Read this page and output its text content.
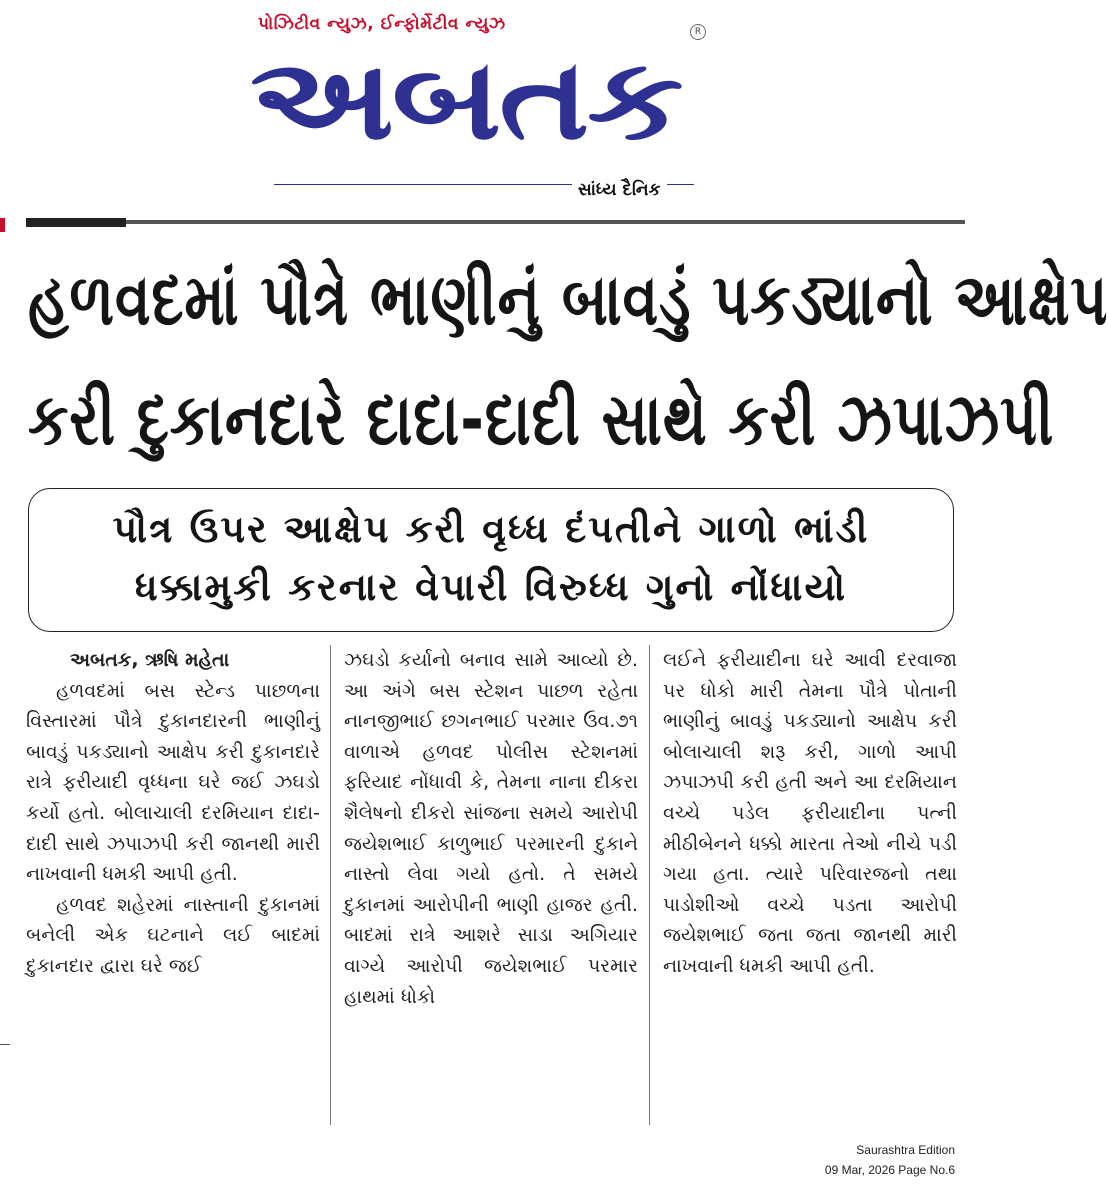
પોઝિટીવ ન્યુઝ, ઈન્ફોર્મેટીવ ન્યુઝ	R
અબતક
સાંધ્ય દૈનિક
હળવદમાં પૌત્રે ભાણીનું બાવડું પકડ્યાનો આક્ષેપ
કરી દુકાનદારે દાદા-દાદી સાથે કરી ઝપાઝપી
પૌત્ર ઉપર આક્ષેપ કરી વૃધ્ધ દંપતીને ગાળો ભાંડી
ધક્કામુકી કરનાર વેપારી વિરુધ્ધ ગુનો નોંધાયો

અબતક, ઋષિ મહેતા

હળવદમાં બસ સ્ટેન્ડ પાછળના વિસ્તારમાં પૌત્રે દુકાનદારની ભાણીનું બાવડું પકડ્યાનો આક્ષેપ કરી દુકાનદારે રાત્રે ફરીયાદી વૃધ્ધના ઘરે જઈ ઝઘડો કર્યો હતો. બોલાચાલી દરમિયાન દાદા-દાદી સાથે ઝપાઝપી કરી જાનથી મારી નાખવાની ધમકી આપી હતી.

હળવદ શહેરમાં નાસ્તાની દુકાનમાં બનેલી એક ઘટનાને લઈ બાદમાં દુકાનદાર દ્વારા ઘરે જઈ

ઝઘડો કર્યાનો બનાવ સામે આવ્યો છે. આ અંગે બસ સ્ટેશન પાછળ રહેતા નાનજીભાઈ છગનભાઈ પરમાર ઉવ.૭૧ વાળાએ હળવદ પોલીસ સ્ટેશનમાં ફરિયાદ નોંધાવી કે, તેમના નાના દીકરા શૈલેષનો દીકરો સાંજના સમયે આરોપી જયેશભાઈ કાળુભાઈ પરમારની દુકાને નાસ્તો લેવા ગયો હતો. તે સમયે દુકાનમાં આરોપીની ભાણી હાજર હતી. બાદમાં રાત્રે આશરે સાડા અગિયાર વાગ્યે આરોપી જયેશભાઈ પરમાર હાથમાં ધોકો

લઈને ફરીયાદીના ઘરે આવી દરવાજા પર ધોકો મારી તેમના પૌત્રે પોતાની ભાણીનું બાવડું પકડ્યાનો આક્ષેપ કરી બોલાચાલી શરૂ કરી, ગાળો આપી ઝપાઝપી કરી હતી અને આ દરમિયાન વચ્ચે પડેલ ફરીયાદીના પત્ની મીઠીબેનને ધક્કો મારતા તેઓ નીચે પડી ગયા હતા. ત્યારે પરિવારજનો તથા પાડોશીઓ વચ્ચે પડતા આરોપી જયેશભાઈ જતા જતા જાનથી મારી નાખવાની ધમકી આપી હતી.

Saurashtra Edition
09 Mar, 2026 Page No.6
